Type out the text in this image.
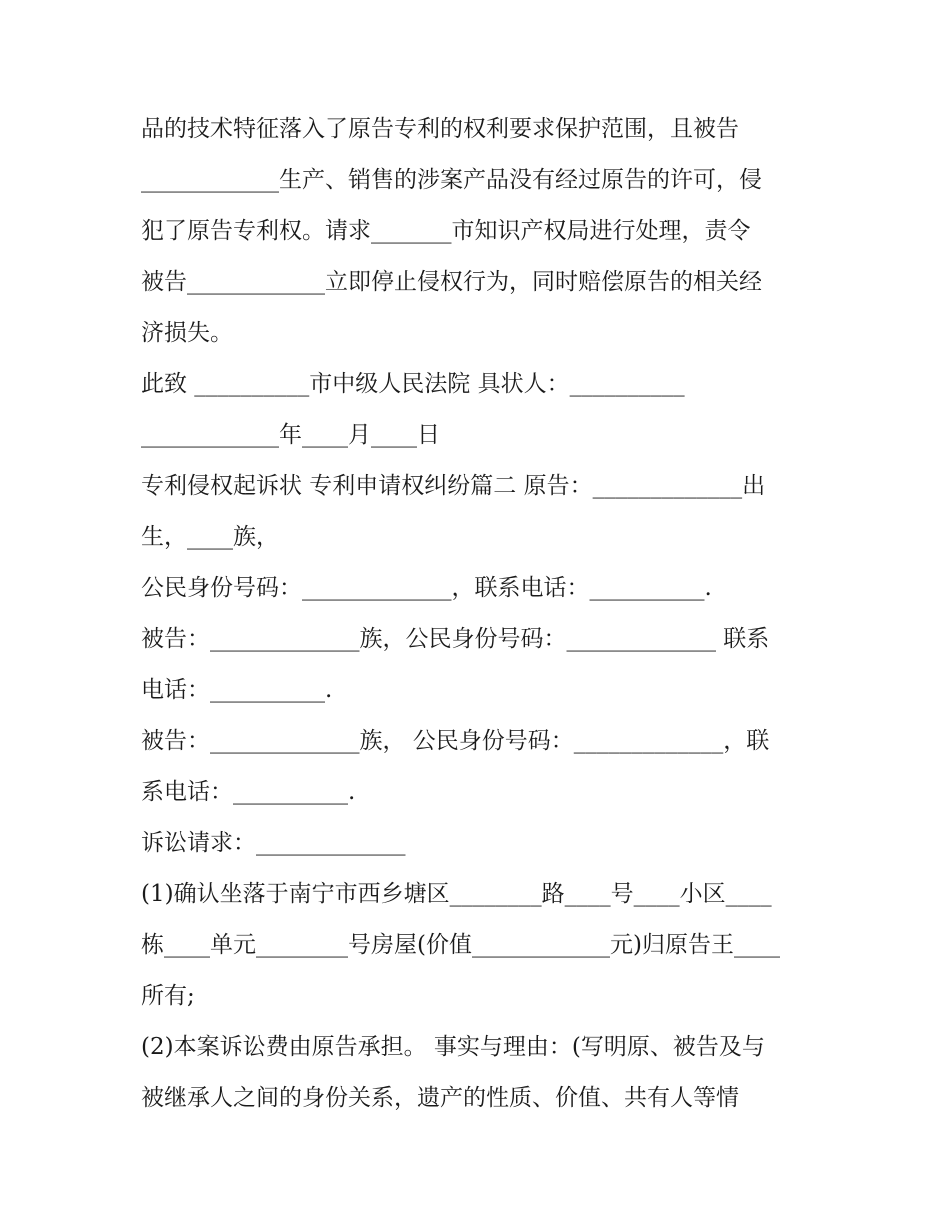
品的技术特征落入了原告专利的权利要求保护范围，且被告
____________生产、销售的涉案产品没有经过原告的许可，侵
犯了原告专利权。请求_______市知识产权局进行处理，责令
被告____________立即停止侵权行为，同时赔偿原告的相关经
济损失。
此致 __________市中级人民法院 具状人：__________
____________年____月____日
专利侵权起诉状 专利申请权纠纷篇二 原告：_____________出
生，____族，
公民身份号码：_____________，联系电话：__________.
被告：_____________族，公民身份号码：_____________ 联系
电话：__________.
被告：_____________族， 公民身份号码：_____________，联
系电话：__________.
诉讼请求：_____________
(1)确认坐落于南宁市西乡塘区________路____号____小区____
栋____单元________号房屋(价值____________元)归原告王____
所有;
(2)本案诉讼费由原告承担。 事实与理由：(写明原、被告及与
被继承人之间的身份关系，遗产的性质、价值、共有人等情
